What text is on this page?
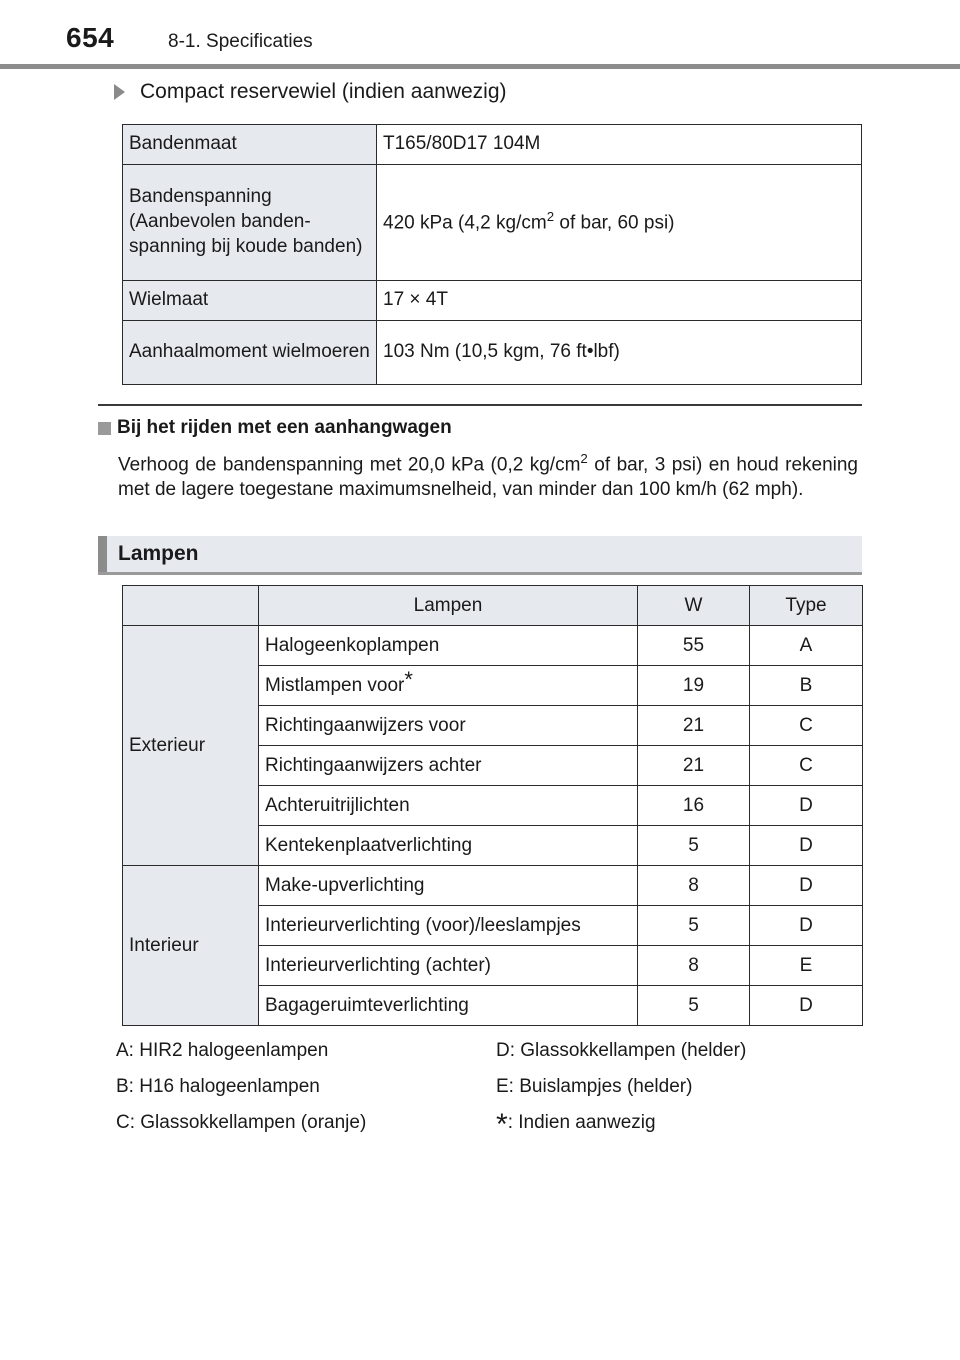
654	8-1. Specificaties
Compact reservewiel (indien aanwezig)
Bandenmaat	T165/80D17 104M
Bandenspanning (Aanbevolen banden-spanning bij koude banden)	420 kPa (4,2 $kg/cm^2$ of bar, 60 psi)
Wielmaat	17 × 4T
Aanhaalmoment wielmoeren	103 Nm (10,5 kgm, 76 ft•lbf)
Bij het rijden met een aanhangwagen
Verhoog de bandenspanning met 20,0 kPa (0,2 $kg/cm^2$ of bar, 3 psi) en houd rekening met de lagere toegestane maximumsnelheid, van minder dan 100 km/h (62 mph).
Lampen
	Lampen	W	Type
Exterieur	Halogeenkoplampen	55	A
	Mistlampen voor*	19	B
	Richtingaanwijzers voor	21	C
	Richtingaanwijzers achter	21	C
	Achteruitrijlichten	16	D
	Kentekenplaatverlichting	5	D
Interieur	Make-upverlichting	8	D
	Interieurverlichting (voor)/leeslampjes	5	D
	Interieurverlichting (achter)	8	E
	Bagageruimteverlichting	5	D
A: HIR2 halogeenlampen	D: Glassokkellampen (helder)
B: H16 halogeenlampen	E: Buislampjes (helder)
C: Glassokkellampen (oranje)	*: Indien aanwezig
